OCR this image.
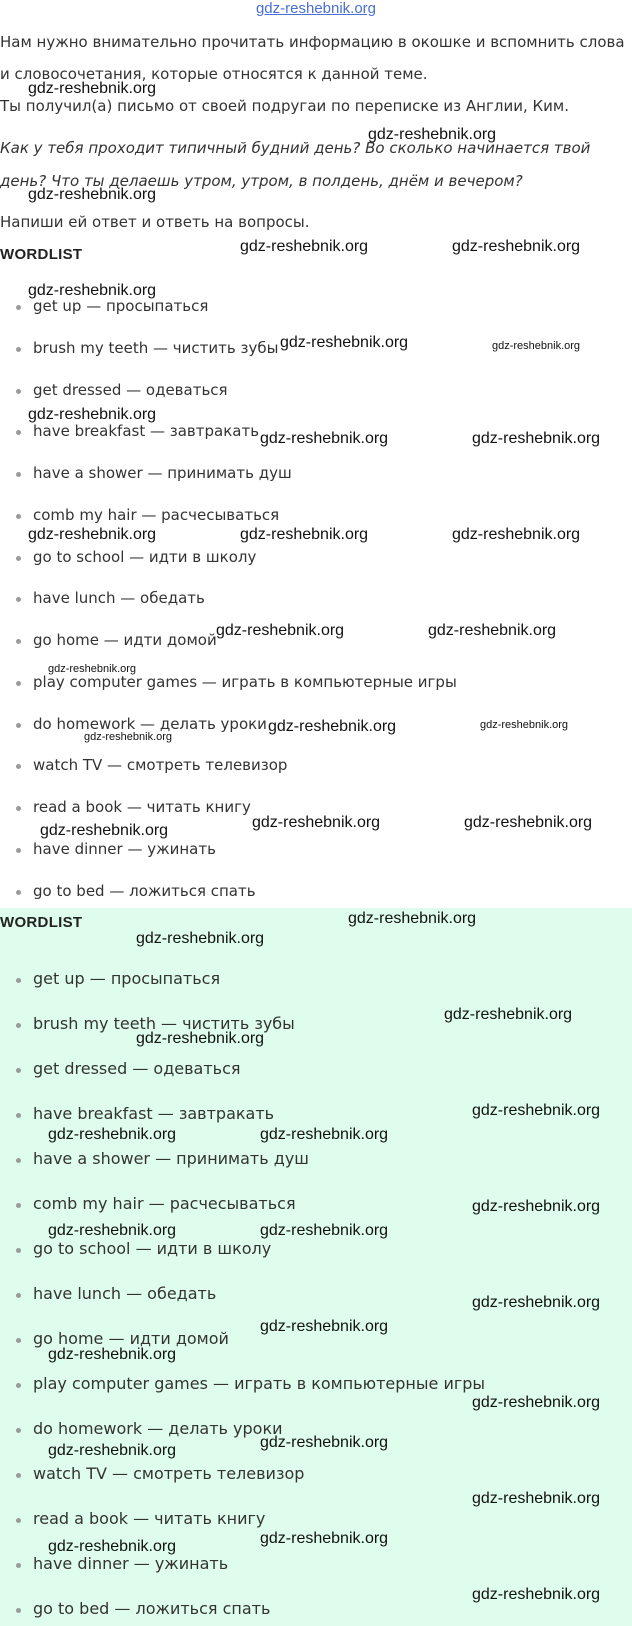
gdz-reshebnik.org
Нам нужно внимательно прочитать информацию в окошке и вспомнить слова
и словосочетания, которые относятся к данной теме.
Ты получил(а) письмо от своей подругаи по переписке из Англии, Ким.
Как у тебя проходит типичный будний день? Во сколько начинается твой
день? Что ты делаешь утром, утром, в полдень, днём и вечером?
Напиши ей ответ и ответь на вопросы.
WORDLIST
get up — просыпаться
brush my teeth — чистить зубы
get dressed — одеваться
have breakfast — завтракать
have a shower — принимать душ
comb my hair — расчесываться
go to school — идти в школу
have lunch — обедать
go home — идти домой
play computer games — играть в компьютерные игры
do homework — делать уроки
watch TV — смотреть телевизор
read a book — читать книгу
have dinner — ужинать
go to bed — ложиться спать
WORDLIST
get up — просыпаться
brush my teeth — чистить зубы
get dressed — одеваться
have breakfast — завтракать
have a shower — принимать душ
comb my hair — расчесываться
go to school — идти в школу
have lunch — обедать
go home — идти домой
play computer games — играть в компьютерные игры
do homework — делать уроки
watch TV — смотреть телевизор
read a book — читать книгу
have dinner — ужинать
go to bed — ложиться спать
gdz-reshebnik.org
gdz-reshebnik.org
gdz-reshebnik.org
gdz-reshebnik.org	gdz-reshebnik.org
gdz-reshebnik.org
gdz-reshebnik.org	gdz-reshebnik.org
gdz-reshebnik.org
gdz-reshebnik.org	gdz-reshebnik.org
gdz-reshebnik.org	gdz-reshebnik.org	gdz-reshebnik.org
gdz-reshebnik.org	gdz-reshebnik.org
gdz-reshebnik.org
gdz-reshebnik.org	gdz-reshebnik.org
gdz-reshebnik.org
gdz-reshebnik.org	gdz-reshebnik.org	gdz-reshebnik.org
gdz-reshebnik.org
gdz-reshebnik.org
gdz-reshebnik.org
gdz-reshebnik.org
gdz-reshebnik.org
gdz-reshebnik.org	gdz-reshebnik.org
gdz-reshebnik.org
gdz-reshebnik.org	gdz-reshebnik.org
gdz-reshebnik.org
gdz-reshebnik.org
gdz-reshebnik.org
gdz-reshebnik.org
gdz-reshebnik.org
gdz-reshebnik.org
gdz-reshebnik.org
gdz-reshebnik.org
gdz-reshebnik.org
gdz-reshebnik.org
